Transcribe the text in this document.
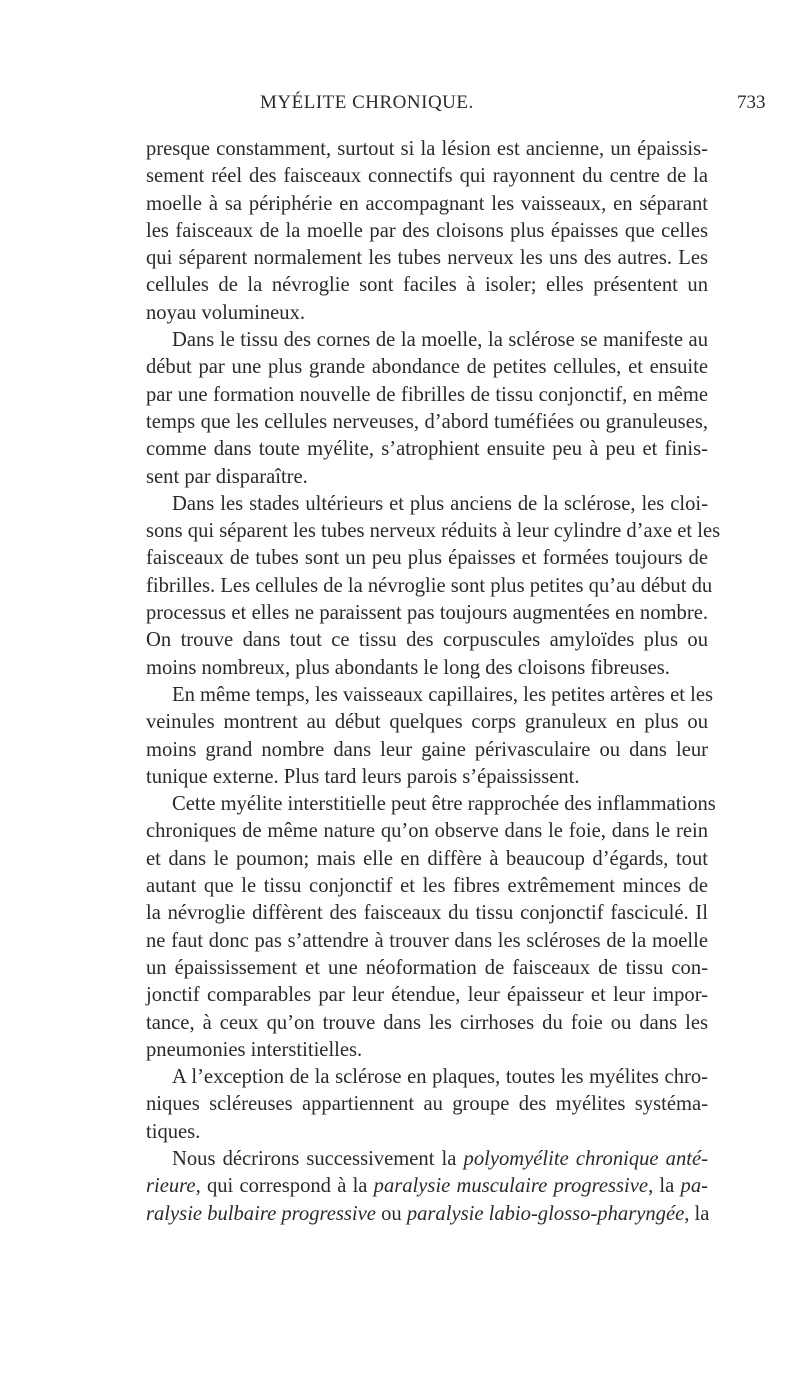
MYÉLITE CHRONIQUE.	733
presque constamment, surtout si la lésion est ancienne, un épaissis-
sement réel des faisceaux connectifs qui rayonnent du centre de la
moelle à sa périphérie en accompagnant les vaisseaux, en séparant
les faisceaux de la moelle par des cloisons plus épaisses que celles
qui séparent normalement les tubes nerveux les uns des autres. Les
cellules de la névroglie sont faciles à isoler; elles présentent un
noyau volumineux.
Dans le tissu des cornes de la moelle, la sclérose se manifeste au
début par une plus grande abondance de petites cellules, et ensuite
par une formation nouvelle de fibrilles de tissu conjonctif, en même
temps que les cellules nerveuses, d’abord tuméfiées ou granuleuses,
comme dans toute myélite, s’atrophient ensuite peu à peu et finis-
sent par disparaître.
Dans les stades ultérieurs et plus anciens de la sclérose, les cloi-
sons qui séparent les tubes nerveux réduits à leur cylindre d’axe et les
faisceaux de tubes sont un peu plus épaisses et formées toujours de
fibrilles. Les cellules de la névroglie sont plus petites qu’au début du
processus et elles ne paraissent pas toujours augmentées en nombre.
On trouve dans tout ce tissu des corpuscules amyloïdes plus ou
moins nombreux, plus abondants le long des cloisons fibreuses.
En même temps, les vaisseaux capillaires, les petites artères et les
veinules montrent au début quelques corps granuleux en plus ou
moins grand nombre dans leur gaine périvasculaire ou dans leur
tunique externe. Plus tard leurs parois s’épaississent.
Cette myélite interstitielle peut être rapprochée des inflammations
chroniques de même nature qu’on observe dans le foie, dans le rein
et dans le poumon; mais elle en diffère à beaucoup d’égards, tout
autant que le tissu conjonctif et les fibres extrêmement minces de
la névroglie diffèrent des faisceaux du tissu conjonctif fasciculé. Il
ne faut donc pas s’attendre à trouver dans les scléroses de la moelle
un épaississement et une néoformation de faisceaux de tissu con-
jonctif comparables par leur étendue, leur épaisseur et leur impor-
tance, à ceux qu’on trouve dans les cirrhoses du foie ou dans les
pneumonies interstitielles.
A l’exception de la sclérose en plaques, toutes les myélites chro-
niques scléreuses appartiennent au groupe des myélites systéma-
tiques.
Nous décrirons successivement la polyomyélite chronique anté-
rieure, qui correspond à la paralysie musculaire progressive, la pa-
ralysie bulbaire progressive ou paralysie labio-glosso-pharyngée, la
